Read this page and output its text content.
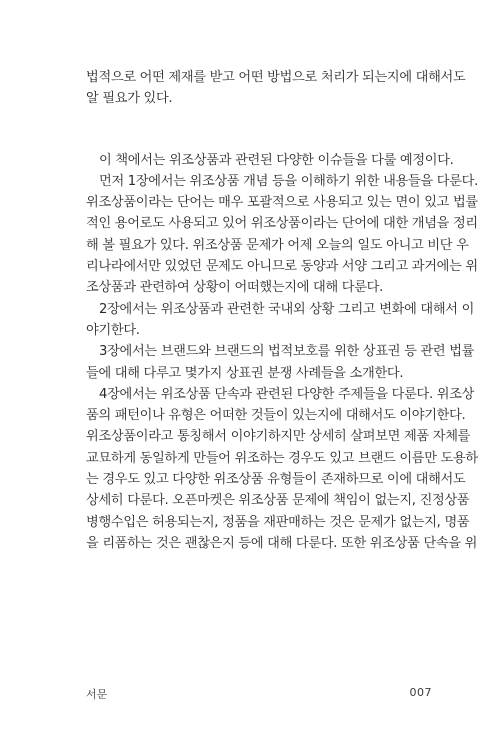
법적으로 어떤 제재를 받고 어떤 방법으로 처리가 되는지에 대해서도
알 필요가 있다.
이 책에서는 위조상품과 관련된 다양한 이슈들을 다룰 예정이다.
먼저 1장에서는 위조상품 개념 등을 이해하기 위한 내용들을 다룬다.
위조상품이라는 단어는 매우 포괄적으로 사용되고 있는 면이 있고 법률
적인 용어로도 사용되고 있어 위조상품이라는 단어에 대한 개념을 정리
해 볼 필요가 있다. 위조상품 문제가 어제 오늘의 일도 아니고 비단 우
리나라에서만 있었던 문제도 아니므로 동양과 서양 그리고 과거에는 위
조상품과 관련하여 상황이 어떠했는지에 대해 다룬다.
2장에서는 위조상품과 관련한 국내외 상황 그리고 변화에 대해서 이
야기한다.
3장에서는 브랜드와 브랜드의 법적보호를 위한 상표권 등 관련 법률
들에 대해 다루고 몇가지 상표권 분쟁 사례들을 소개한다.
4장에서는 위조상품 단속과 관련된 다양한 주제들을 다룬다. 위조상
품의 패턴이나 유형은 어떠한 것들이 있는지에 대해서도 이야기한다.
위조상품이라고 통칭해서 이야기하지만 상세히 살펴보면 제품 자체를
교묘하게 동일하게 만들어 위조하는 경우도 있고 브랜드 이름만 도용하
는 경우도 있고 다양한 위조상품 유형들이 존재하므로 이에 대해서도
상세히 다룬다. 오픈마켓은 위조상품 문제에 책임이 없는지, 진정상품
병행수입은 허용되는지, 정품을 재판매하는 것은 문제가 없는지, 명품
을 리폼하는 것은 괜찮은지 등에 대해 다룬다. 또한 위조상품 단속을 위
서문	007
